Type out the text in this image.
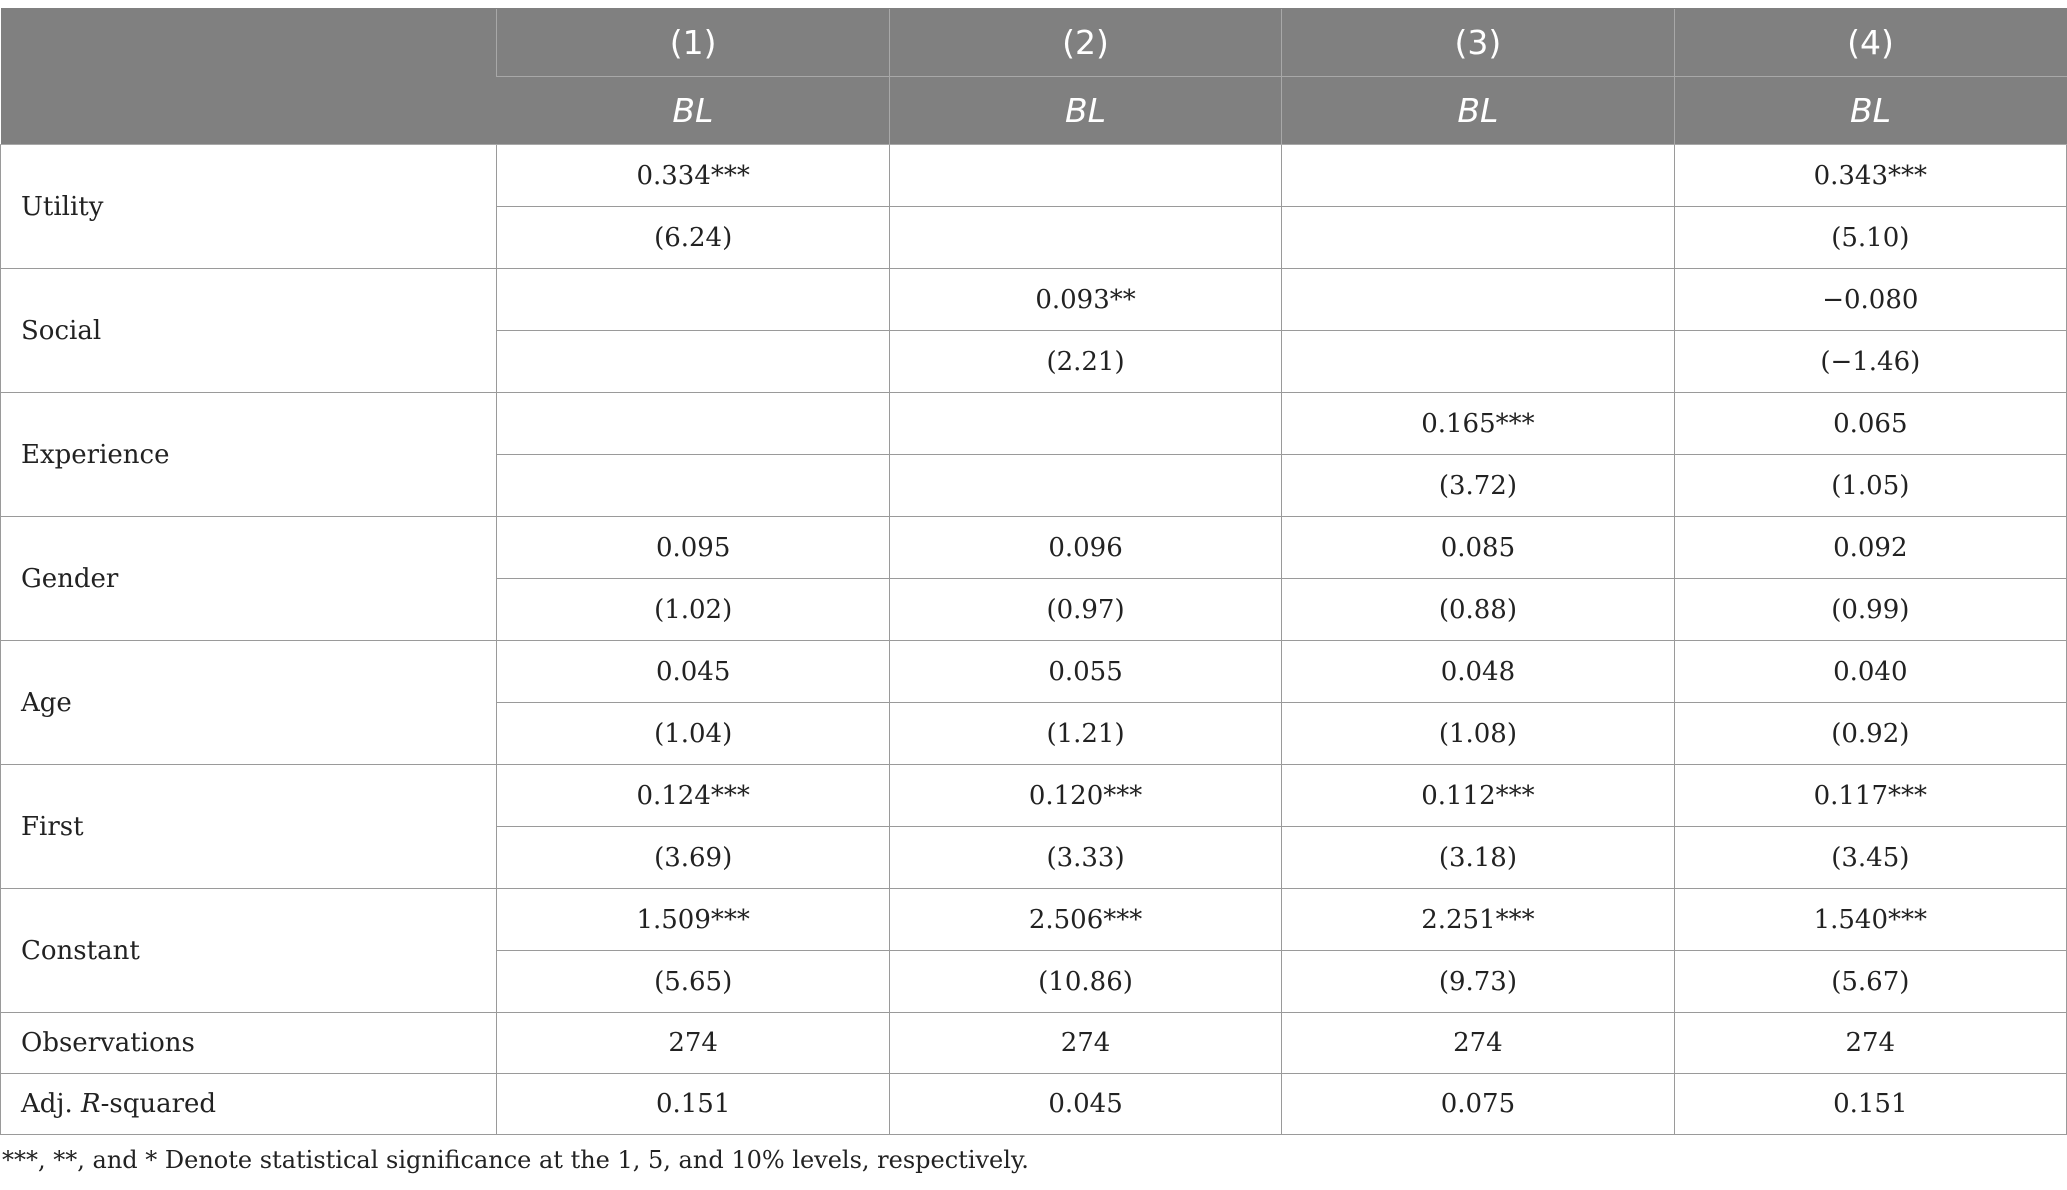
	(1)	(2)	(3)	(4)
	BL	BL	BL	BL
Utility	0.334***			0.343***
	(6.24)			(5.10)
Social		0.093**		−0.080
		(2.21)		(−1.46)
Experience			0.165***	0.065
			(3.72)	(1.05)
Gender	0.095	0.096	0.085	0.092
	(1.02)	(0.97)	(0.88)	(0.99)
Age	0.045	0.055	0.048	0.040
	(1.04)	(1.21)	(1.08)	(0.92)
First	0.124***	0.120***	0.112***	0.117***
	(3.69)	(3.33)	(3.18)	(3.45)
Constant	1.509***	2.506***	2.251***	1.540***
	(5.65)	(10.86)	(9.73)	(5.67)
Observations	274	274	274	274
Adj. R-squared	0.151	0.045	0.075	0.151
***, **, and * Denote statistical significance at the 1, 5, and 10% levels, respectively.
